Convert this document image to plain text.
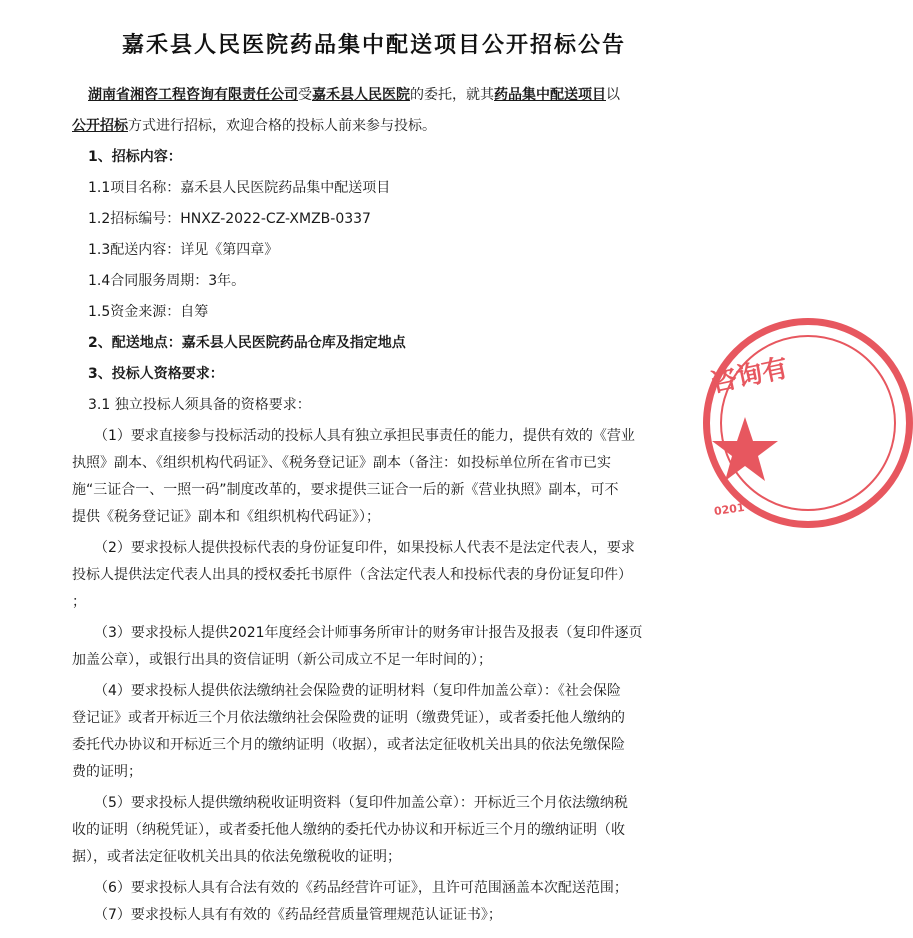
嘉禾县人民医院药品集中配送项目公开招标公告
湖南省湘咨工程咨询有限责任公司受嘉禾县人民医院的委托，就其药品集中配送项目以
公开招标方式进行招标，欢迎合格的投标人前来参与投标。
1、招标内容：
1.1项目名称：嘉禾县人民医院药品集中配送项目
1.2招标编号：HNXZ-2022-CZ-XMZB-0337
1.3配送内容：详见《第四章》
1.4合同服务周期：3年。
1.5资金来源：自筹
2、配送地点：嘉禾县人民医院药品仓库及指定地点
3、投标人资格要求：
3.1 独立投标人须具备的资格要求：
（1）要求直接参与投标活动的投标人具有独立承担民事责任的能力，提供有效的《营业
执照》副本、《组织机构代码证》、《税务登记证》副本（备注：如投标单位所在省市已实
施“三证合一、一照一码”制度改革的，要求提供三证合一后的新《营业执照》副本，可不
提供《税务登记证》副本和《组织机构代码证》）；
（2）要求投标人提供投标代表的身份证复印件，如果投标人代表不是法定代表人，要求
投标人提供法定代表人出具的授权委托书原件（含法定代表人和投标代表的身份证复印件）
；
（3）要求投标人提供2021年度经会计师事务所审计的财务审计报告及报表（复印件逐页
加盖公章），或银行出具的资信证明（新公司成立不足一年时间的）；
（4）要求投标人提供依法缴纳社会保险费的证明材料（复印件加盖公章）：《社会保险
登记证》或者开标近三个月依法缴纳社会保险费的证明（缴费凭证），或者委托他人缴纳的
委托代办协议和开标近三个月的缴纳证明（收据），或者法定征收机关出具的依法免缴保险
费的证明；
（5）要求投标人提供缴纳税收证明资料（复印件加盖公章）：开标近三个月依法缴纳税
收的证明（纳税凭证），或者委托他人缴纳的委托代办协议和开标近三个月的缴纳证明（收
据），或者法定征收机关出具的依法免缴税收的证明；
（6）要求投标人具有合法有效的《药品经营许可证》，且许可范围涵盖本次配送范围；
（7）要求投标人具有有效的《药品经营质量管理规范认证证书》；
咨询有
0201
